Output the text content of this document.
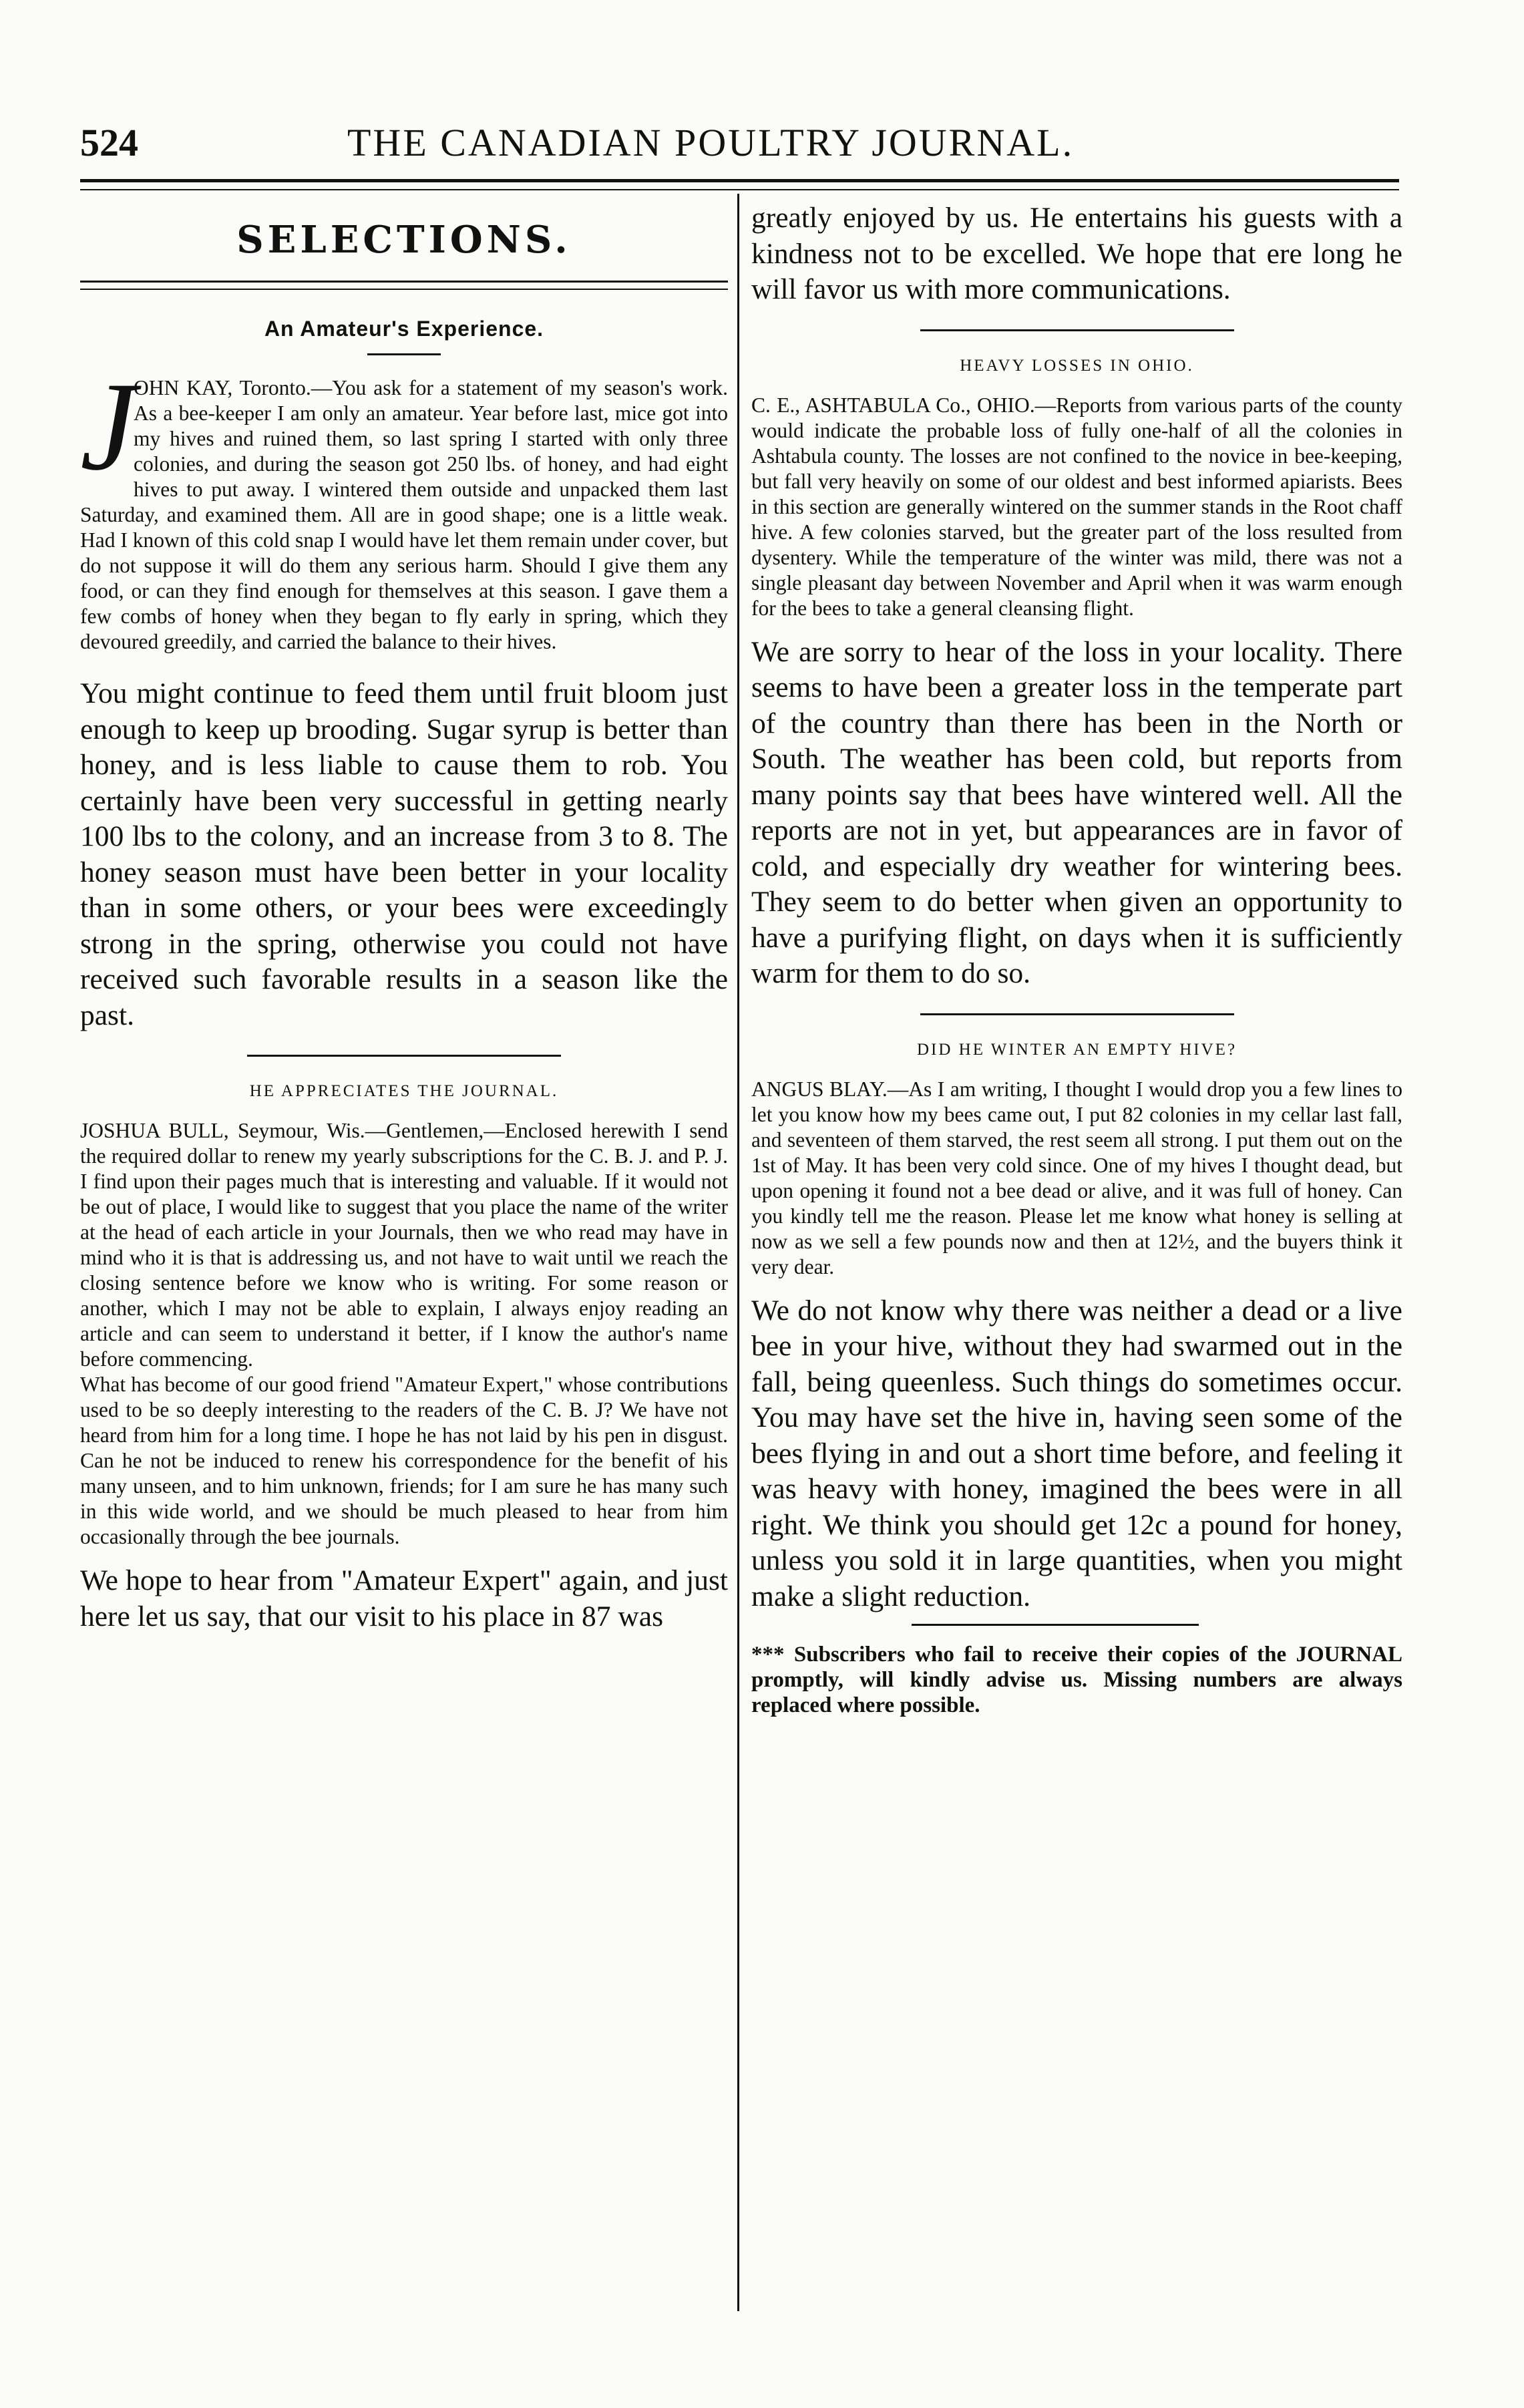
524	THE CANADIAN POULTRY JOURNAL.
SELECTIONS.
An Amateur's Experience.
J

OHN KAY, Toronto.—You ask for a statement of my season's work. As a bee-keeper I am only an amateur. Year before last, mice got into my hives and ruined them, so last spring I started with only three colonies, and during the season got 250 lbs. of honey, and had eight hives to put away. I wintered them outside and unpacked them last Saturday, and examined them. All are in good shape; one is a little weak. Had I known of this cold snap I would have let them remain under cover, but do not suppose it will do them any serious harm. Should I give them any food, or can they find enough for themselves at this season. I gave them a few combs of honey when they began to fly early in spring, which they devoured greedily, and carried the balance to their hives.

You might continue to feed them until fruit bloom just enough to keep up brooding. Sugar syrup is better than honey, and is less liable to cause them to rob. You certainly have been very successful in getting nearly 100 lbs to the colony, and an increase from 3 to 8. The honey season must have been better in your locality than in some others, or your bees were exceedingly strong in the spring, otherwise you could not have received such favorable results in a season like the past.

HE APPRECIATES THE JOURNAL.

JOSHUA BULL, Seymour, Wis.—Gentlemen,—Enclosed herewith I send the required dollar to renew my yearly subscriptions for the C. B. J. and P. J. I find upon their pages much that is interesting and valuable. If it would not be out of place, I would like to suggest that you place the name of the writer at the head of each article in your Journals, then we who read may have in mind who it is that is addressing us, and not have to wait until we reach the closing sentence before we know who is writing. For some reason or another, which I may not be able to explain, I always enjoy reading an article and can seem to understand it better, if I know the author's name before commencing.

What has become of our good friend "Amateur Expert," whose contributions used to be so deeply interesting to the readers of the C. B. J? We have not heard from him for a long time. I hope he has not laid by his pen in disgust. Can he not be induced to renew his correspondence for the benefit of his many unseen, and to him unknown, friends; for I am sure he has many such in this wide world, and we should be much pleased to hear from him occasionally through the bee journals.

We hope to hear from "Amateur Expert" again, and just here let us say, that our visit to his place in 87 was

greatly enjoyed by us. He entertains his guests with a kindness not to be excelled. We hope that ere long he will favor us with more communications.

HEAVY LOSSES IN OHIO.

C. E., ASHTABULA Co., OHIO.—Reports from various parts of the county would indicate the probable loss of fully one-half of all the colonies in Ashtabula county. The losses are not confined to the novice in bee-keeping, but fall very heavily on some of our oldest and best informed apiarists. Bees in this section are generally wintered on the summer stands in the Root chaff hive. A few colonies starved, but the greater part of the loss resulted from dysentery. While the temperature of the winter was mild, there was not a single pleasant day between November and April when it was warm enough for the bees to take a general cleansing flight.

We are sorry to hear of the loss in your locality. There seems to have been a greater loss in the temperate part of the country than there has been in the North or South. The weather has been cold, but reports from many points say that bees have wintered well. All the reports are not in yet, but appearances are in favor of cold, and especially dry weather for wintering bees. They seem to do better when given an opportunity to have a purifying flight, on days when it is sufficiently warm for them to do so.

DID HE WINTER AN EMPTY HIVE?

ANGUS BLAY.—As I am writing, I thought I would drop you a few lines to let you know how my bees came out, I put 82 colonies in my cellar last fall, and seventeen of them starved, the rest seem all strong. I put them out on the 1st of May. It has been very cold since. One of my hives I thought dead, but upon opening it found not a bee dead or alive, and it was full of honey. Can you kindly tell me the reason. Please let me know what honey is selling at now as we sell a few pounds now and then at 12½, and the buyers think it very dear.

We do not know why there was neither a dead or a live bee in your hive, without they had swarmed out in the fall, being queenless. Such things do sometimes occur. You may have set the hive in, having seen some of the bees flying in and out a short time before, and feeling it was heavy with honey, imagined the bees were in all right. We think you should get 12c a pound for honey, unless you sold it in large quantities, when you might make a slight reduction.

*** Subscribers who fail to receive their copies of the JOURNAL promptly, will kindly advise us. Missing numbers are always replaced where possible.
